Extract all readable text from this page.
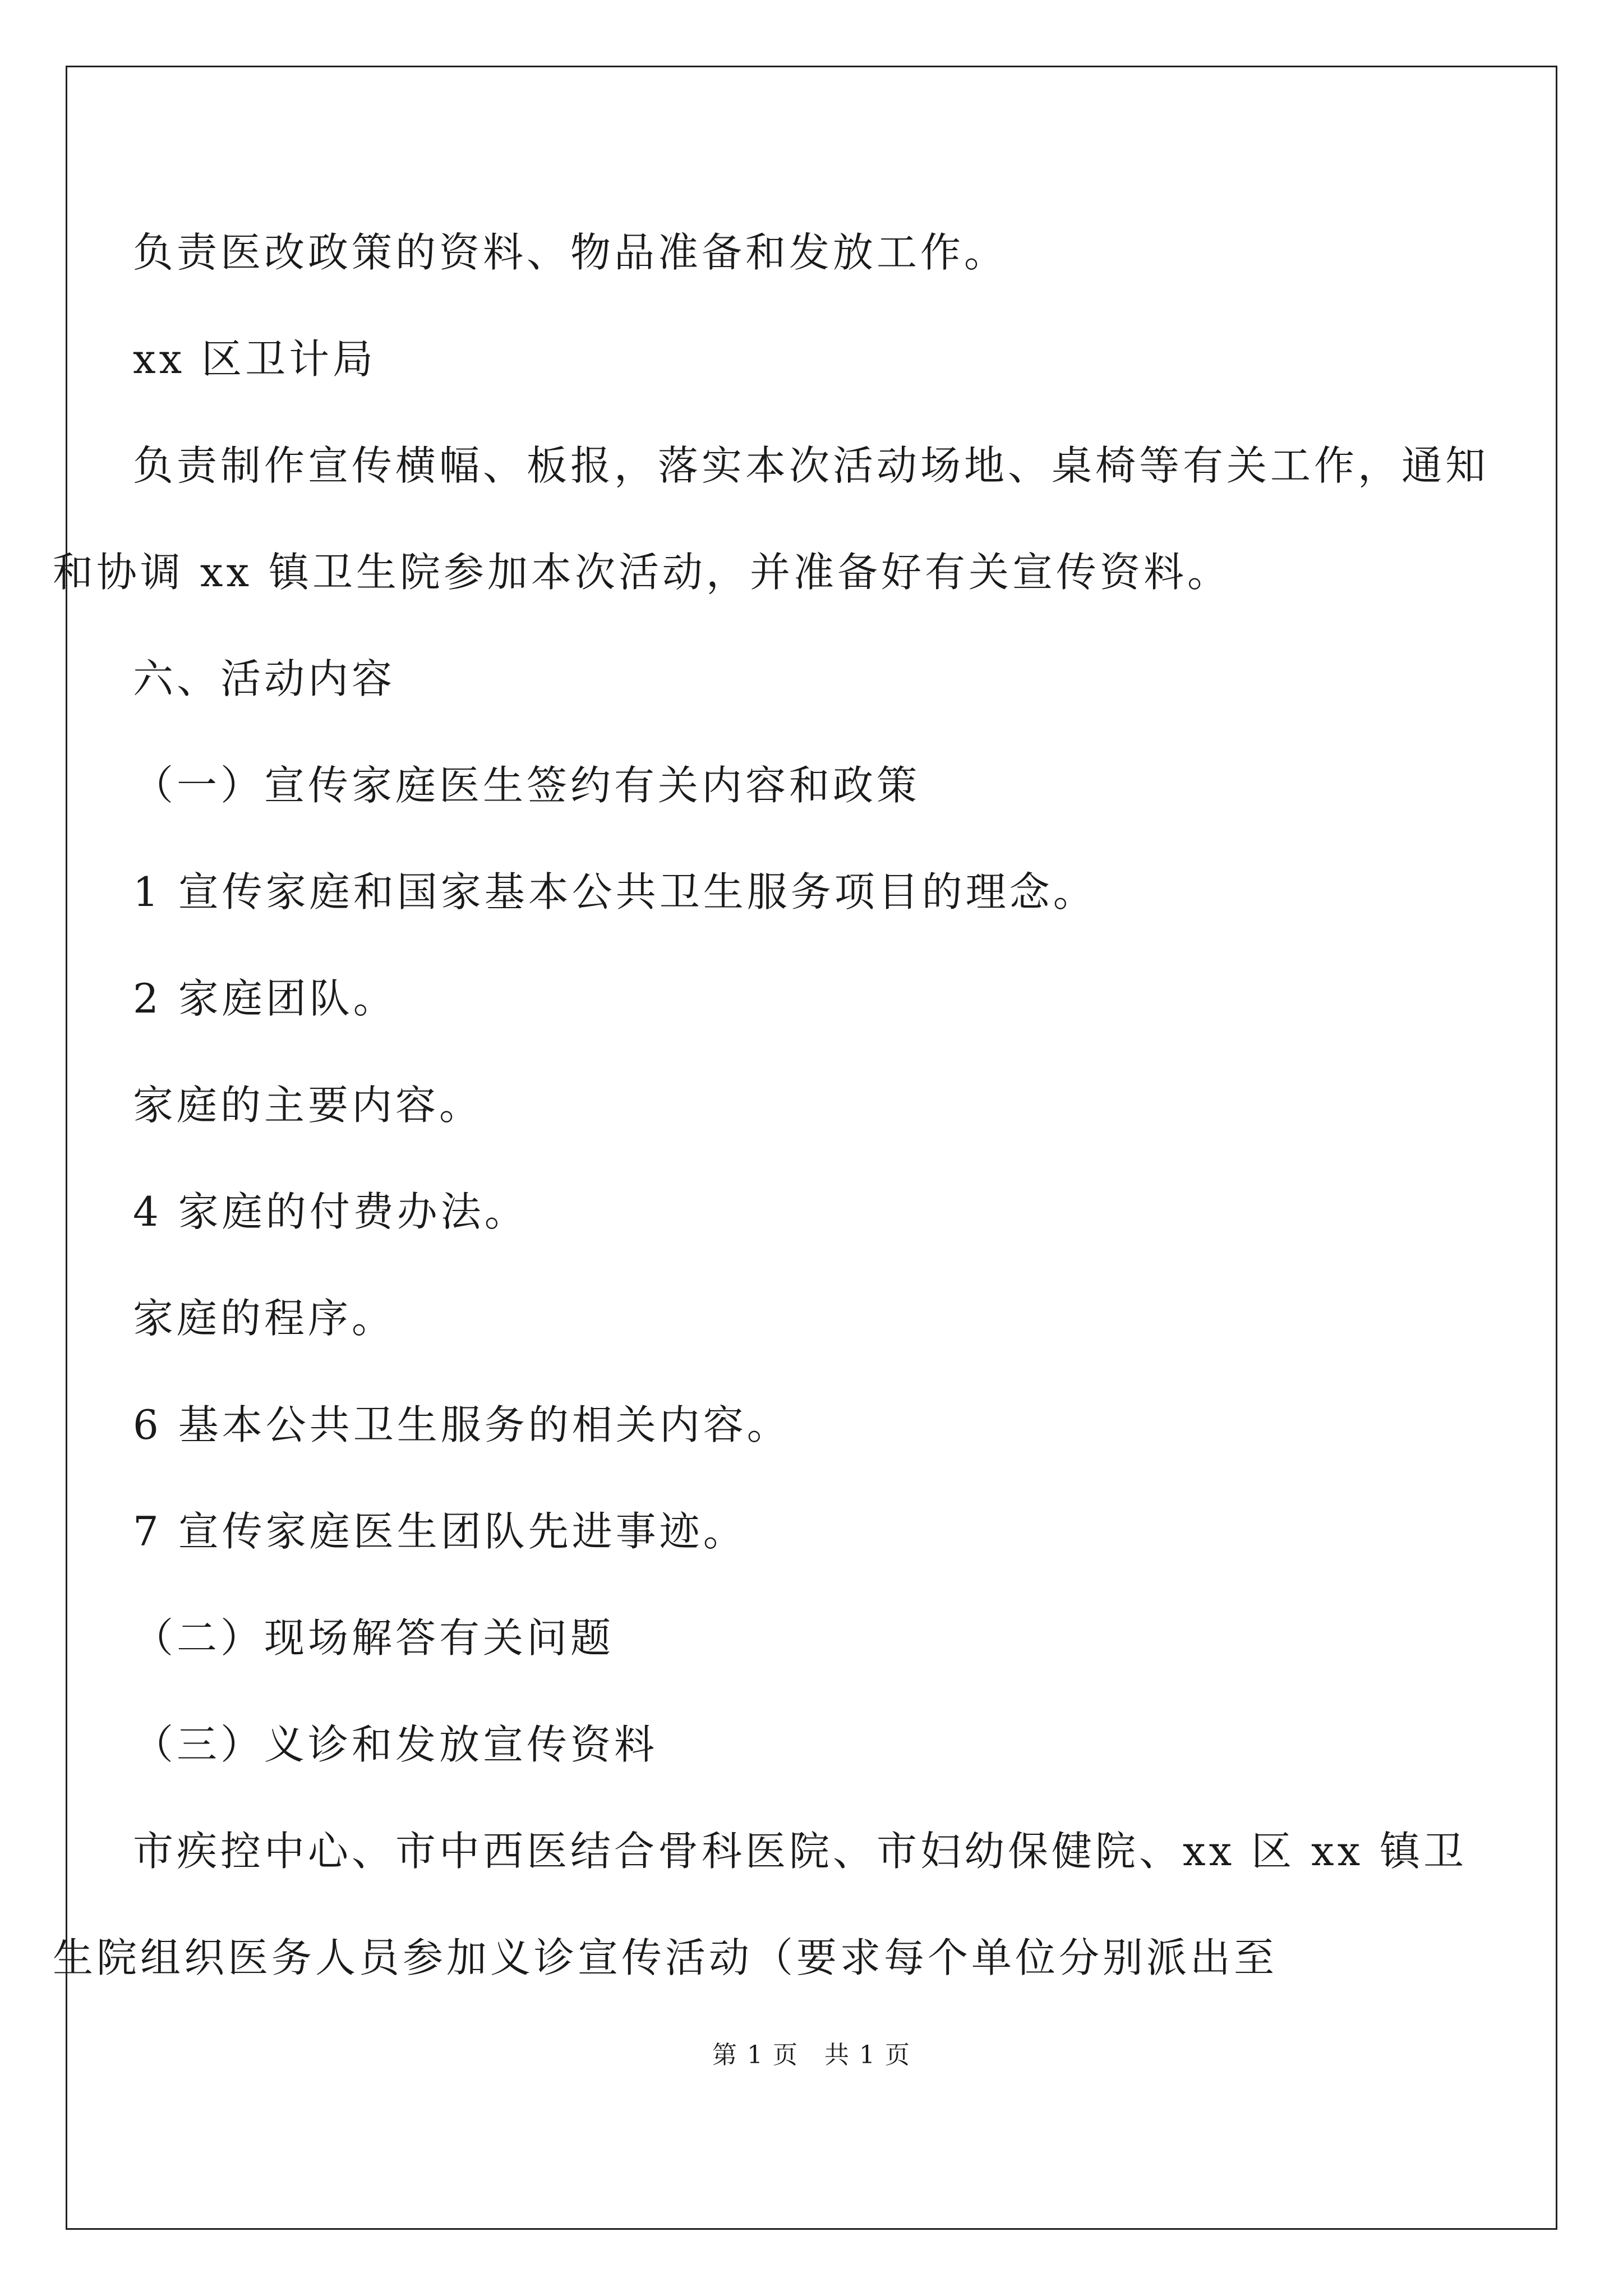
负责医改政策的资料、物品准备和发放工作。

xx 区卫计局

负责制作宣传横幅、板报，落实本次活动场地、桌椅等有关工作，通知和协调 xx 镇卫生院参加本次活动，并准备好有关宣传资料。

六、活动内容

（一）宣传家庭医生签约有关内容和政策

1 宣传家庭和国家基本公共卫生服务项目的理念。

2 家庭团队。

家庭的主要内容。

4 家庭的付费办法。

家庭的程序。

6 基本公共卫生服务的相关内容。

7 宣传家庭医生团队先进事迹。

（二）现场解答有关问题

（三）义诊和发放宣传资料

市疾控中心、市中西医结合骨科医院、市妇幼保健院、xx 区 xx 镇卫生院组织医务人员参加义诊宣传活动（要求每个单位分别派出至

第 1 页　共 1 页
